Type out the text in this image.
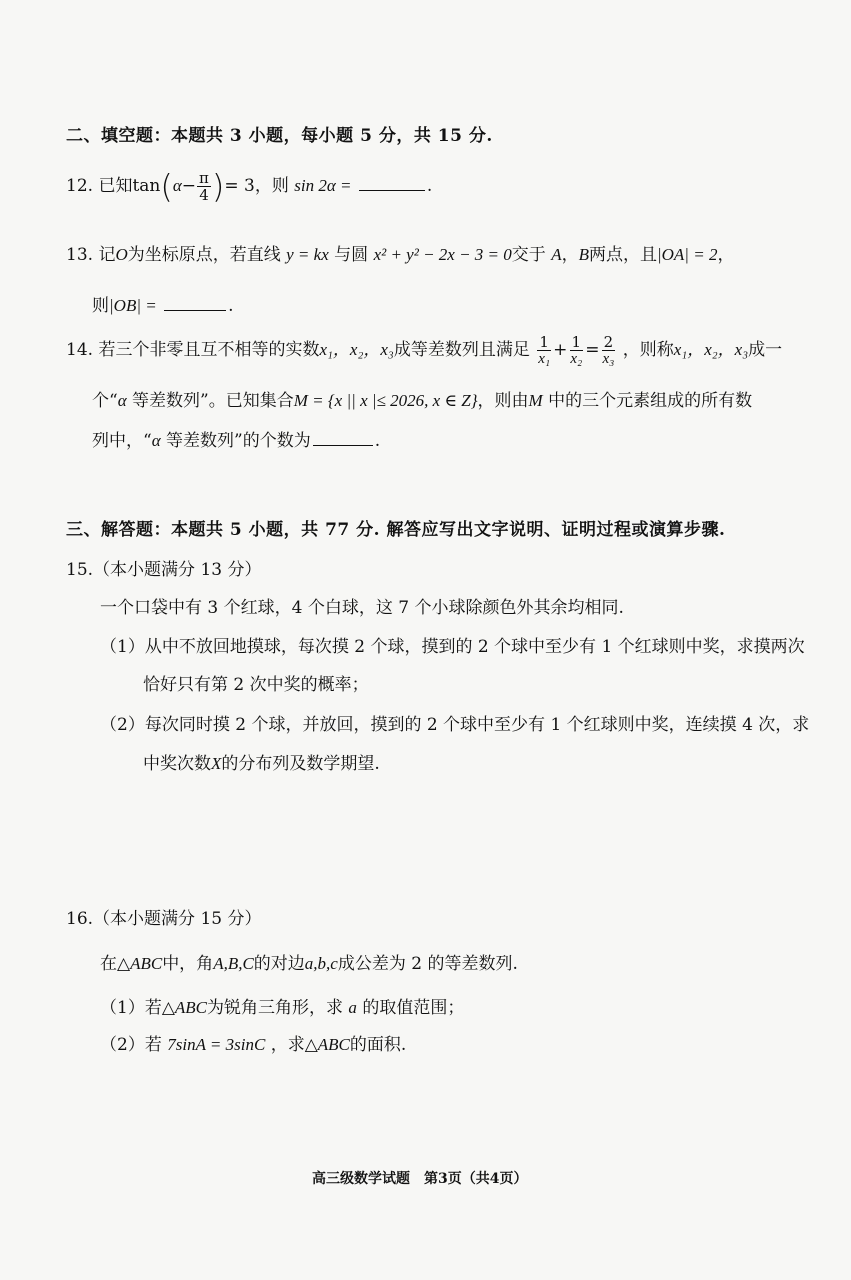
二、填空题：本题共 3 小题，每小题 5 分，共 15 分.
12. 已知$\tan(\alpha- \frac{\pi}{4}$ )= 3，则 sin 2α =	.
13. 记O为坐标原点，若直线 y = kx 与圆 x² + y² − 2x − 3 = 0交于 A，B两点，且|OA| = 2，
则|OB| =	.
14. 若三个非零且互不相等的实数x₁，x₂，x₃成等差数列且满足 $\frac{1}{\text{x₁}} + \frac{1}{\text{x₂}} = \frac{2}{\text{x₃}}$ ，则称x₁，x₂，x₃成一
个“α 等差数列”。已知集合M = {x || x |≤ 2026, x ∈ Z}，则由M 中的三个元素组成的所有数
列中，“α 等差数列”的个数为	.
三、解答题：本题共 5 小题，共 77 分. 解答应写出文字说明、证明过程或演算步骤.
15.（本小题满分 13 分）
一个口袋中有 3 个红球，4 个白球，这 7 个小球除颜色外其余均相同.
（1）从中不放回地摸球，每次摸 2 个球，摸到的 2 个球中至少有 1 个红球则中奖，求摸两次
恰好只有第 2 次中奖的概率；
（2）每次同时摸 2 个球，并放回，摸到的 2 个球中至少有 1 个红球则中奖，连续摸 4 次，求
中奖次数X的分布列及数学期望.
16.（本小题满分 15 分）
在△ABC中，角A,B,C的对边a,b,c成公差为 2 的等差数列.
（1）若△ABC为锐角三角形，求 a 的取值范围；
（2）若 7sinA = 3sinC ，求△ABC的面积.
高三级数学试题　第3页（共4页）
